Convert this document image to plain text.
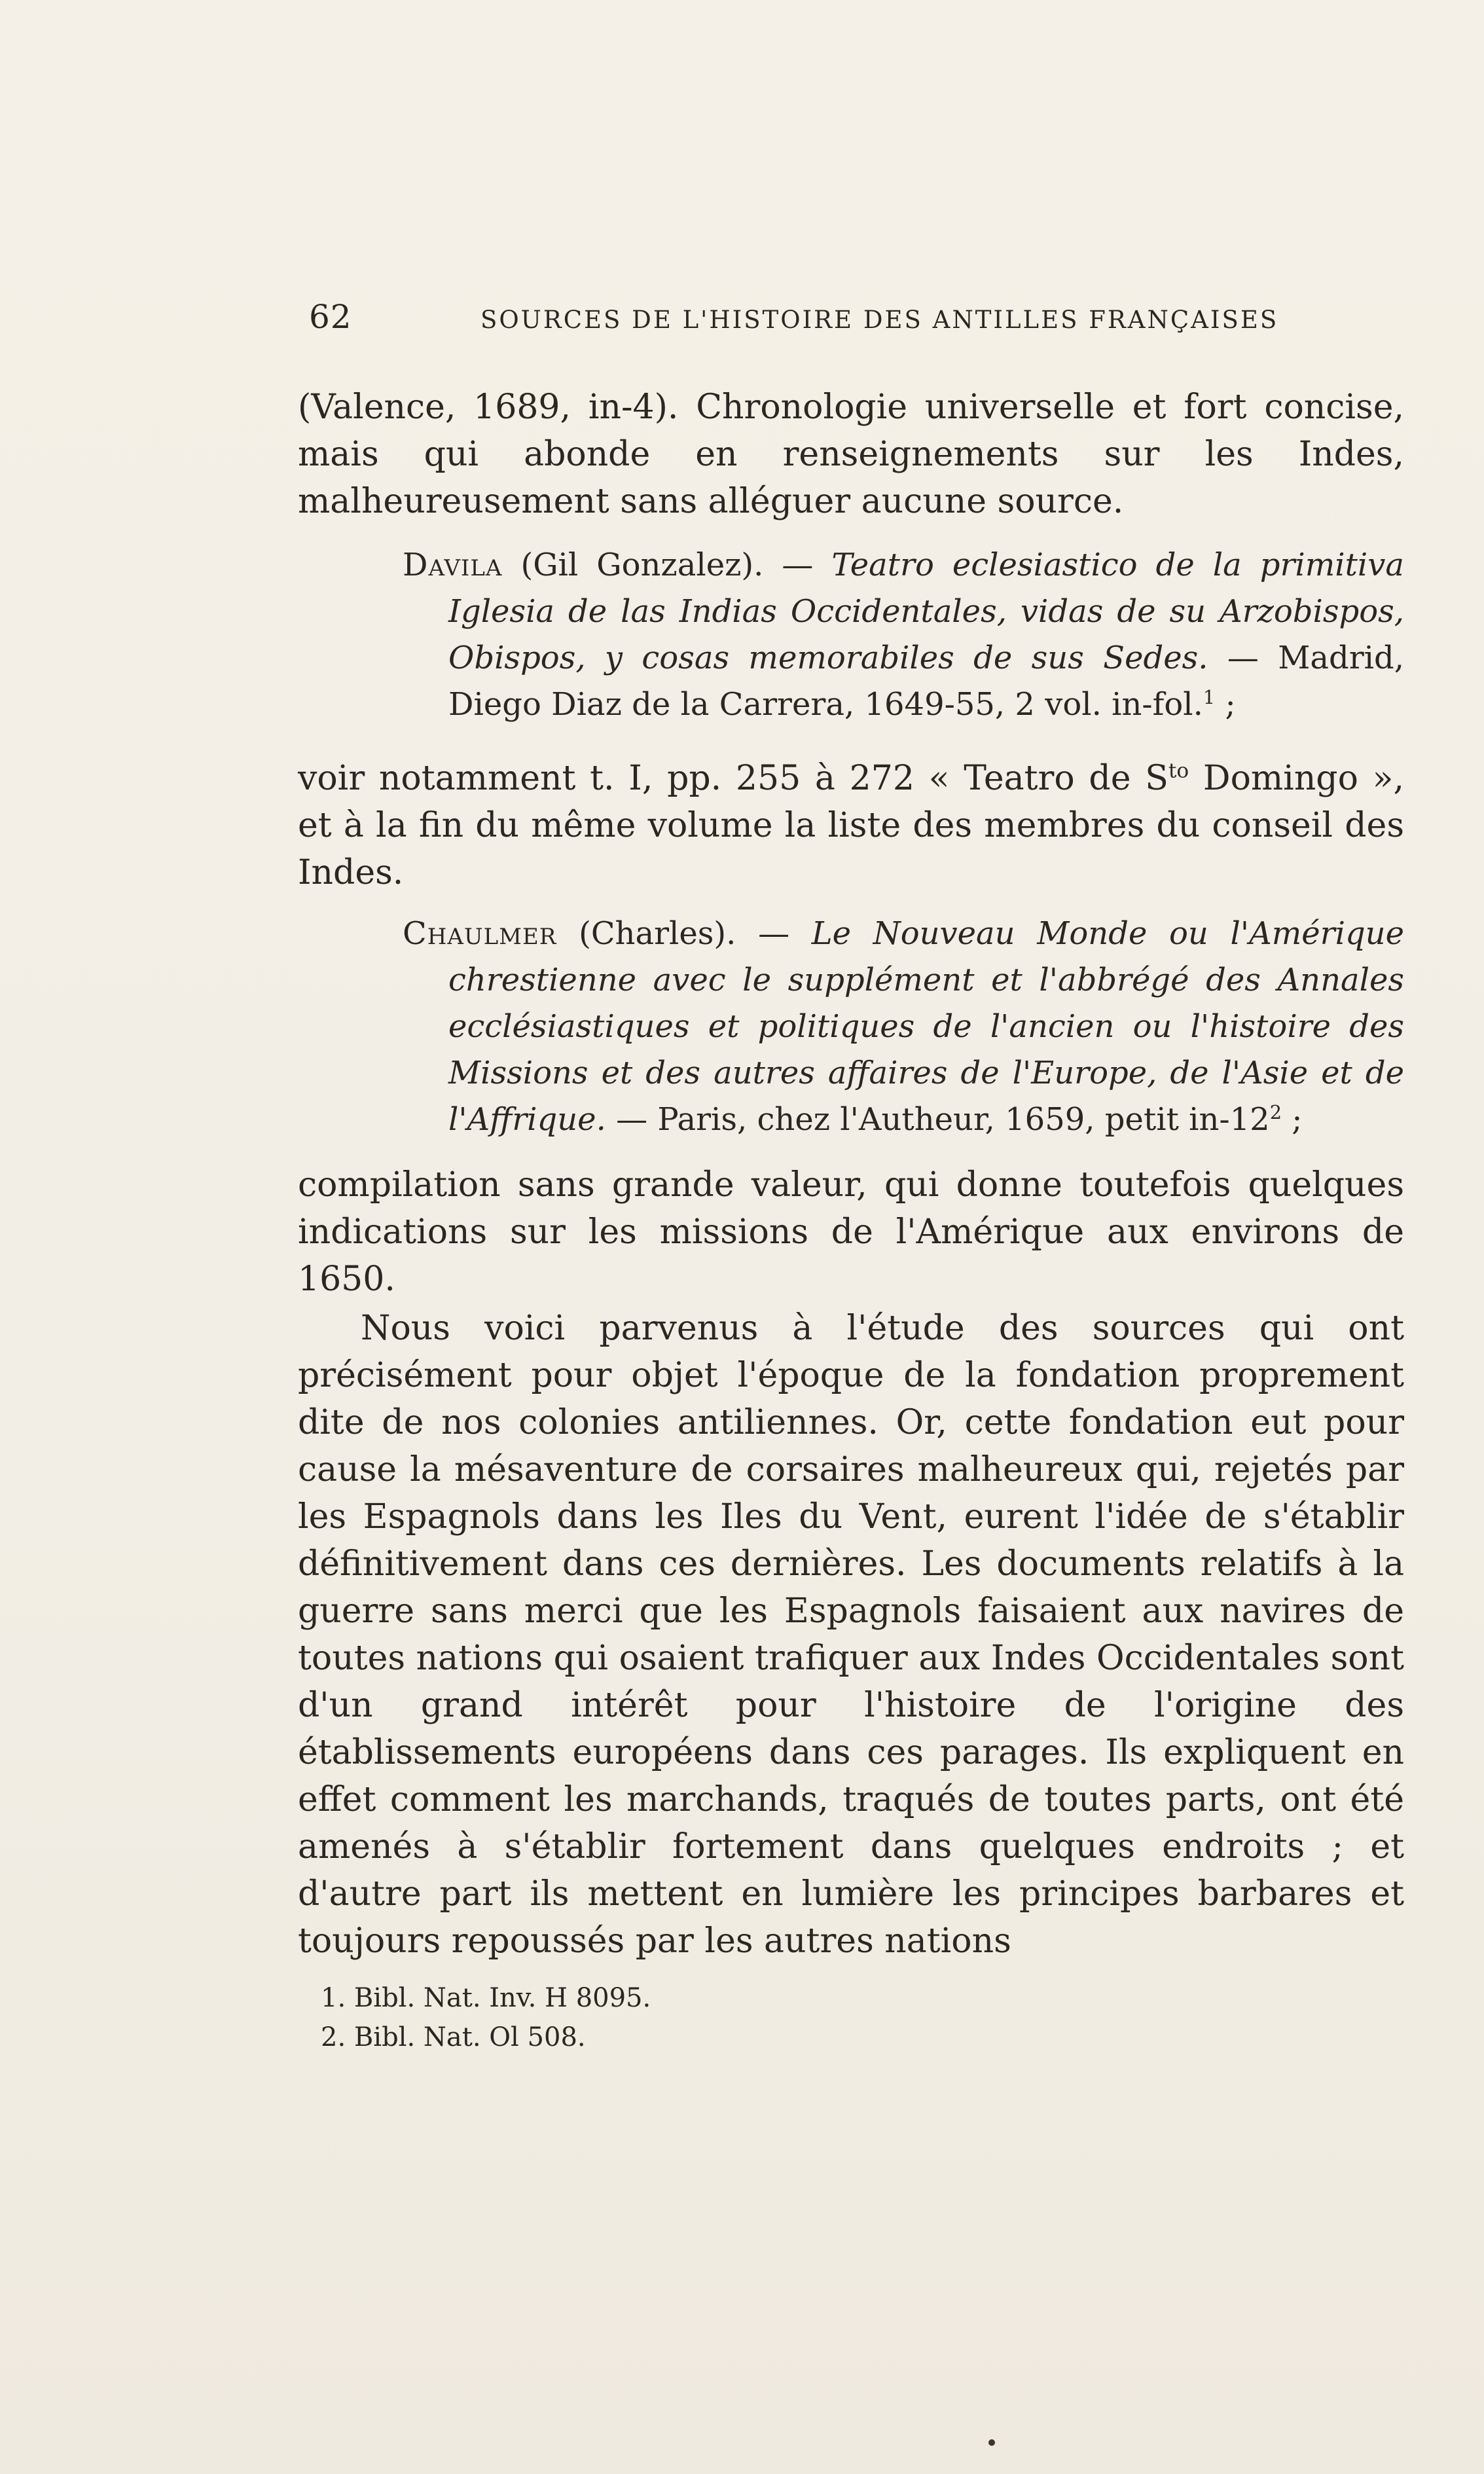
62	SOURCES DE L'HISTOIRE DES ANTILLES FRANÇAISES

(Valence, 1689, in-4). Chronologie universelle et fort concise, mais qui abonde en renseignements sur les Indes, malheureusement sans alléguer aucune source.

Davila (Gil Gonzalez). — Teatro eclesiastico de la primitiva Iglesia de las Indias Occidentales, vidas de su Arzobispos, Obispos, y cosas memorabiles de sus Sedes. — Madrid, Diego Diaz de la Carrera, 1649-55, 2 vol. in-fol.$^1$ ;

voir notamment t. I, pp. 255 à 272 « Teatro de $S^{to}$ Domingo », et à la fin du même volume la liste des membres du conseil des Indes.

Chaulmer (Charles). — Le Nouveau Monde ou l'Amérique chrestienne avec le supplément et l'abbrégé des Annales ecclésiastiques et politiques de l'ancien ou l'histoire des Missions et des autres affaires de l'Europe, de l'Asie et de l'Affrique. — Paris, chez l'Autheur, 1659, petit $in-12^2$ ;

compilation sans grande valeur, qui donne toutefois quelques indications sur les missions de l'Amérique aux environs de 1650.

Nous voici parvenus à l'étude des sources qui ont précisément pour objet l'époque de la fondation proprement dite de nos colonies antiliennes. Or, cette fondation eut pour cause la mésaventure de corsaires malheureux qui, rejetés par les Espagnols dans les Iles du Vent, eurent l'idée de s'établir définitivement dans ces dernières. Les documents relatifs à la guerre sans merci que les Espagnols faisaient aux navires de toutes nations qui osaient trafiquer aux Indes Occidentales sont d'un grand intérêt pour l'histoire de l'origine des établissements européens dans ces parages. Ils expliquent en effet comment les marchands, traqués de toutes parts, ont été amenés à s'établir fortement dans quelques endroits ; et d'autre part ils mettent en lumière les principes barbares et toujours repoussés par les autres nations

1. Bibl. Nat. Inv. H 8095.

2. Bibl. Nat. Ol 508.
